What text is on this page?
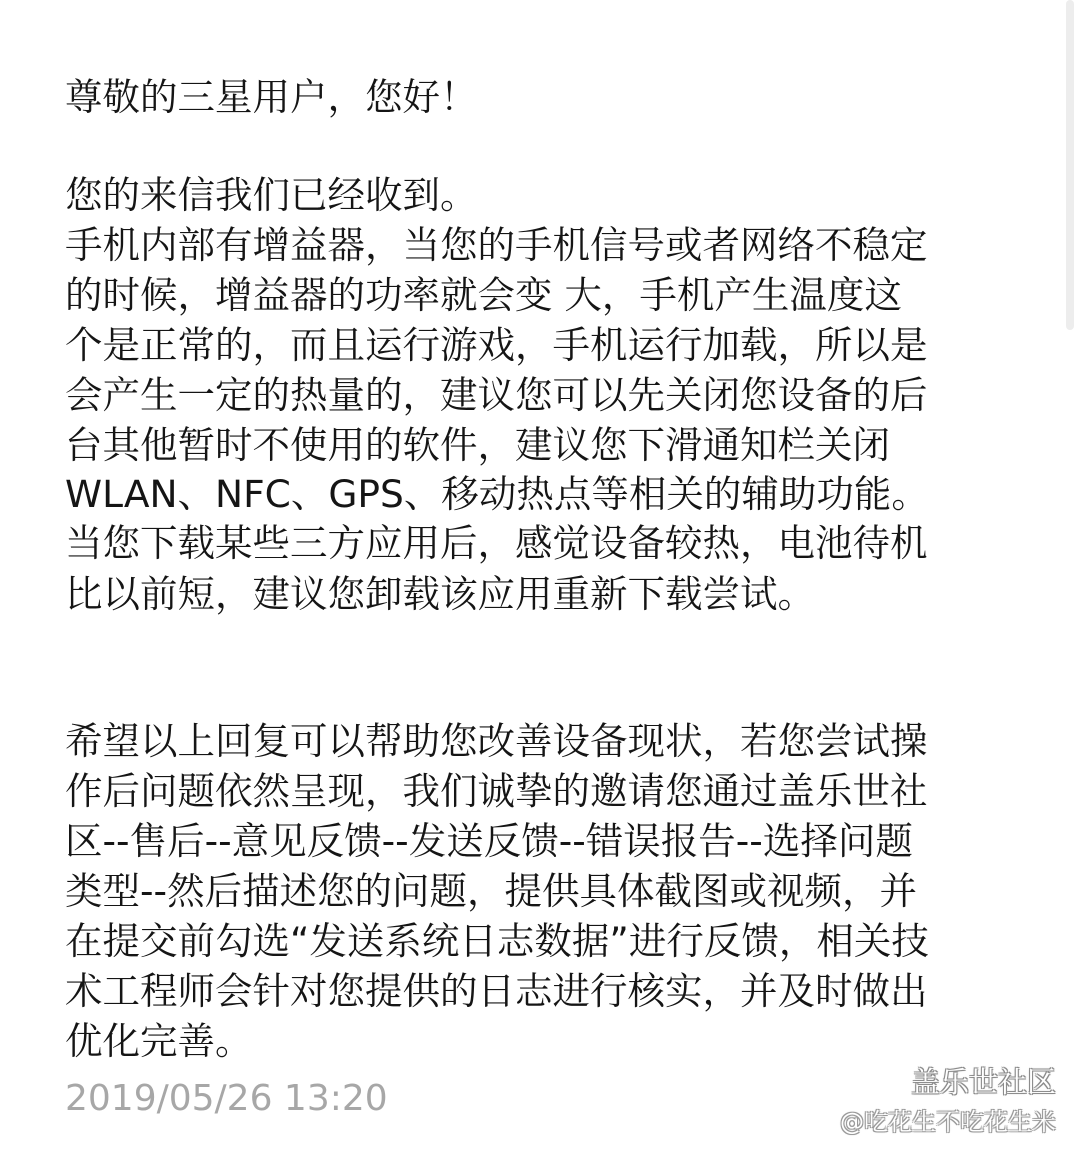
尊敬的三星用户，您好！
您的来信我们已经收到。
手机内部有增益器，当您的手机信号或者网络不稳定
的时候，增益器的功率就会变 大，手机产生温度这
个是正常的，而且运行游戏，手机运行加载，所以是
会产生一定的热量的，建议您可以先关闭您设备的后
台其他暂时不使用的软件，建议您下滑通知栏关闭
WLAN、NFC、GPS、移动热点等相关的辅助功能。
当您下载某些三方应用后，感觉设备较热，电池待机
比以前短，建议您卸载该应用重新下载尝试。
希望以上回复可以帮助您改善设备现状，若您尝试操
作后问题依然呈现，我们诚挚的邀请您通过盖乐世社
区--售后--意见反馈--发送反馈--错误报告--选择问题
类型--然后描述您的问题，提供具体截图或视频，并
在提交前勾选“发送系统日志数据”进行反馈，相关技
术工程师会针对您提供的日志进行核实，并及时做出
优化完善。
2019/05/26 13:20	盖乐世社区
@吃花生不吃花生米
